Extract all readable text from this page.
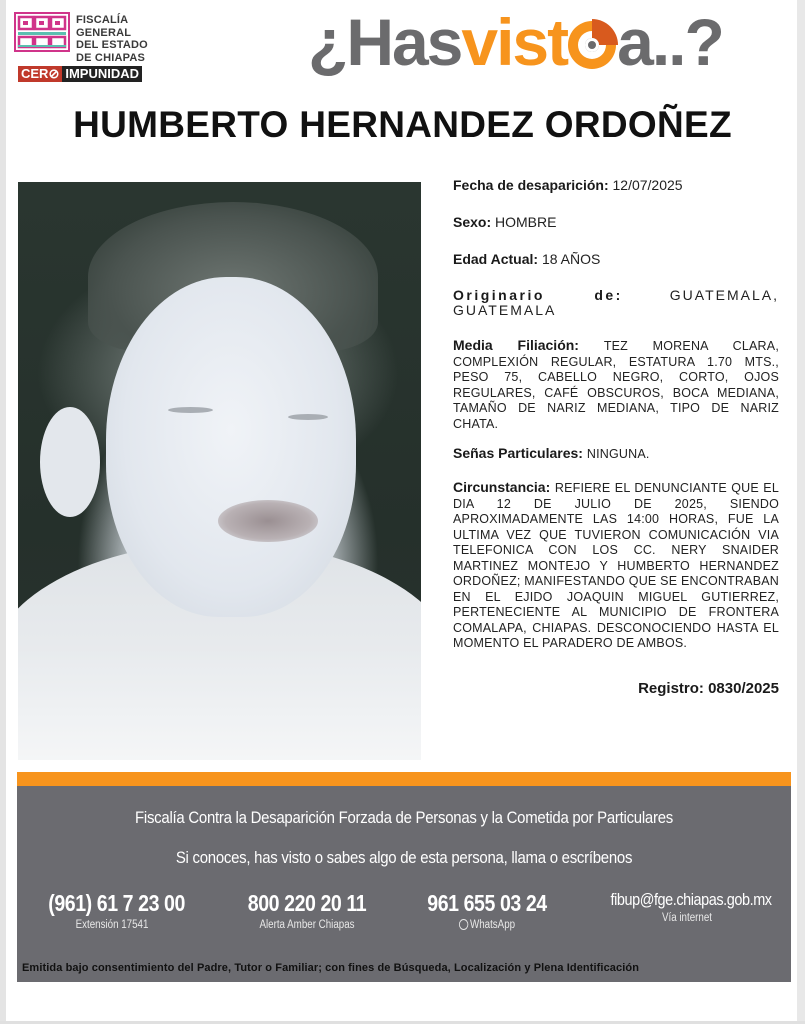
FISCALÍA GENERAL
DEL ESTADO
DE CHIAPAS
CER⊘ IMPUNIDAD	¿Hasvist a..?
HUMBERTO HERNANDEZ ORDOÑEZ
Fecha de desaparición: 12/07/2025
Sexo: HOMBRE
Edad Actual: 18 AÑOS
Originario de:	GUATEMALA, GUATEMALA
Media Filiación: TEZ MORENA CLARA, COMPLEXIÓN REGULAR, ESTATURA 1.70 MTS., PESO 75, CABELLO NEGRO, CORTO, OJOS REGULARES, CAFÉ OBSCUROS, BOCA MEDIANA, TAMAÑO DE NARIZ MEDIANA, TIPO DE NARIZ CHATA.
Señas Particulares: NINGUNA.
Circunstancia: REFIERE EL DENUNCIANTE QUE EL DIA 12 DE JULIO DE 2025, SIENDO APROXIMADAMENTE LAS 14:00 HORAS, FUE LA ULTIMA VEZ QUE TUVIERON COMUNICACIÓN VIA TELEFONICA CON LOS CC. NERY SNAIDER MARTINEZ MONTEJO Y HUMBERTO HERNANDEZ ORDOÑEZ; MANIFESTANDO QUE SE ENCONTRABAN EN EL EJIDO JOAQUIN MIGUEL GUTIERREZ, PERTENECIENTE AL MUNICIPIO DE FRONTERA COMALAPA, CHIAPAS. DESCONOCIENDO HASTA EL MOMENTO EL PARADERO DE AMBOS.
Registro: 0830/2025
Fiscalía Contra la Desaparición Forzada de Personas y la Cometida por Particulares
Si conoces, has visto o sabes algo de esta persona, llama o escríbenos
(961) 61 7 23 00
Extensión 17541
800 220 20 11
Alerta Amber Chiapas
961 655 03 24
WhatsApp
fibup@fge.chiapas.gob.mx
Vía internet
Emitida bajo consentimiento del Padre, Tutor o Familiar; con fines de Búsqueda, Localización y Plena Identificación
